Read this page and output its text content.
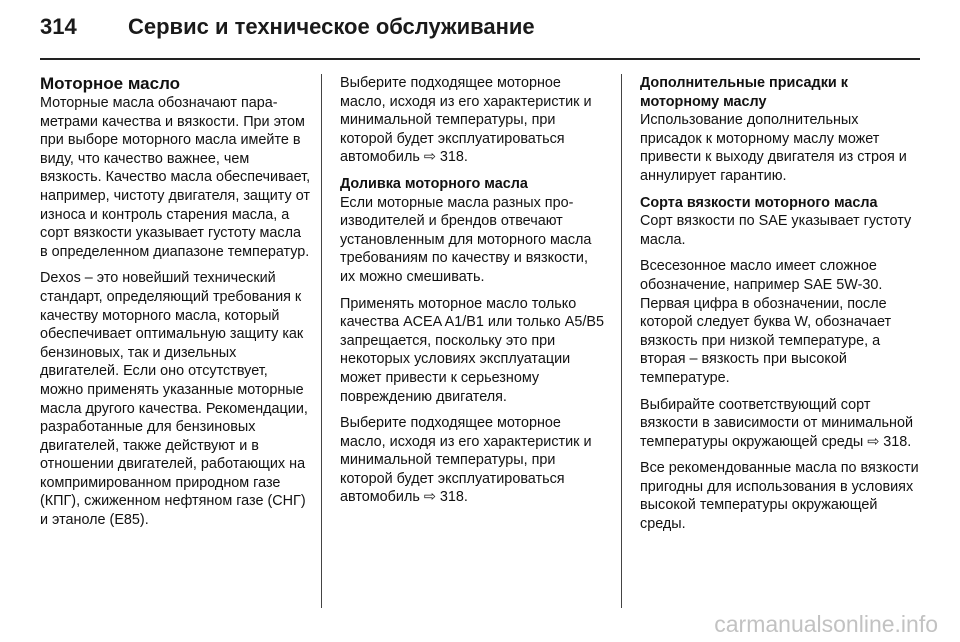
314 Сервис и техническое обслуживание
Моторное масло

Моторные масла обозначают параметрами качества и вязкости. При этом при выборе моторного масла имейте в виду, что качество важнее, чем вязкость. Качество масла обеспечивает, например, чистоту двигателя, защиту от износа и контроль старения масла, а сорт вязкости указывает густоту масла в определенном диапазоне температур.

Dexos – это новейший технический стандарт, определяющий требования к качеству моторного масла, который обеспечивает оптимальную защиту как бензиновых, так и дизельных двигателей. Если оно отсутствует, можно применять указанные моторные масла другого качества. Рекомендации, разработанные для бензиновых двигателей, также действуют и в отношении двигателей, работающих на компримированном природном газе (КПГ), сжиженном нефтяном газе (СНГ) и этаноле (E85).

Выберите подходящее моторное масло, исходя из его характеристик и минимальной температуры, при которой будет эксплуатироваться автомобиль ⇨ 318.

Доливка моторного масла

Если моторные масла разных производителей и брендов отвечают установленным для моторного масла требованиям по качеству и вязкости, их можно смешивать.

Применять моторное масло только качества ACEA A1/B1 или только A5/B5 запрещается, поскольку это при некоторых условиях эксплуатации может привести к серьезному повреждению двигателя.

Выберите подходящее моторное масло, исходя из его характеристик и минимальной температуры, при которой будет эксплуатироваться автомобиль ⇨ 318.

Дополнительные присадки к моторному маслу

Использование дополнительных присадок к моторному маслу может привести к выходу двигателя из строя и аннулирует гарантию.

Сорта вязкости моторного масла

Сорт вязкости по SAE указывает густоту масла.

Всесезонное масло имеет сложное обозначение, например SAE 5W-30. Первая цифра в обозначении, после которой следует буква W, обозначает вязкость при низкой температуре, а вторая – вязкость при высокой температуре.

Выбирайте соответствующий сорт вязкости в зависимости от минимальной температуры окружающей среды ⇨ 318.

Все рекомендованные масла по вязкости пригодны для использования в условиях высокой температуры окружающей среды.

carmanualsonline.info
